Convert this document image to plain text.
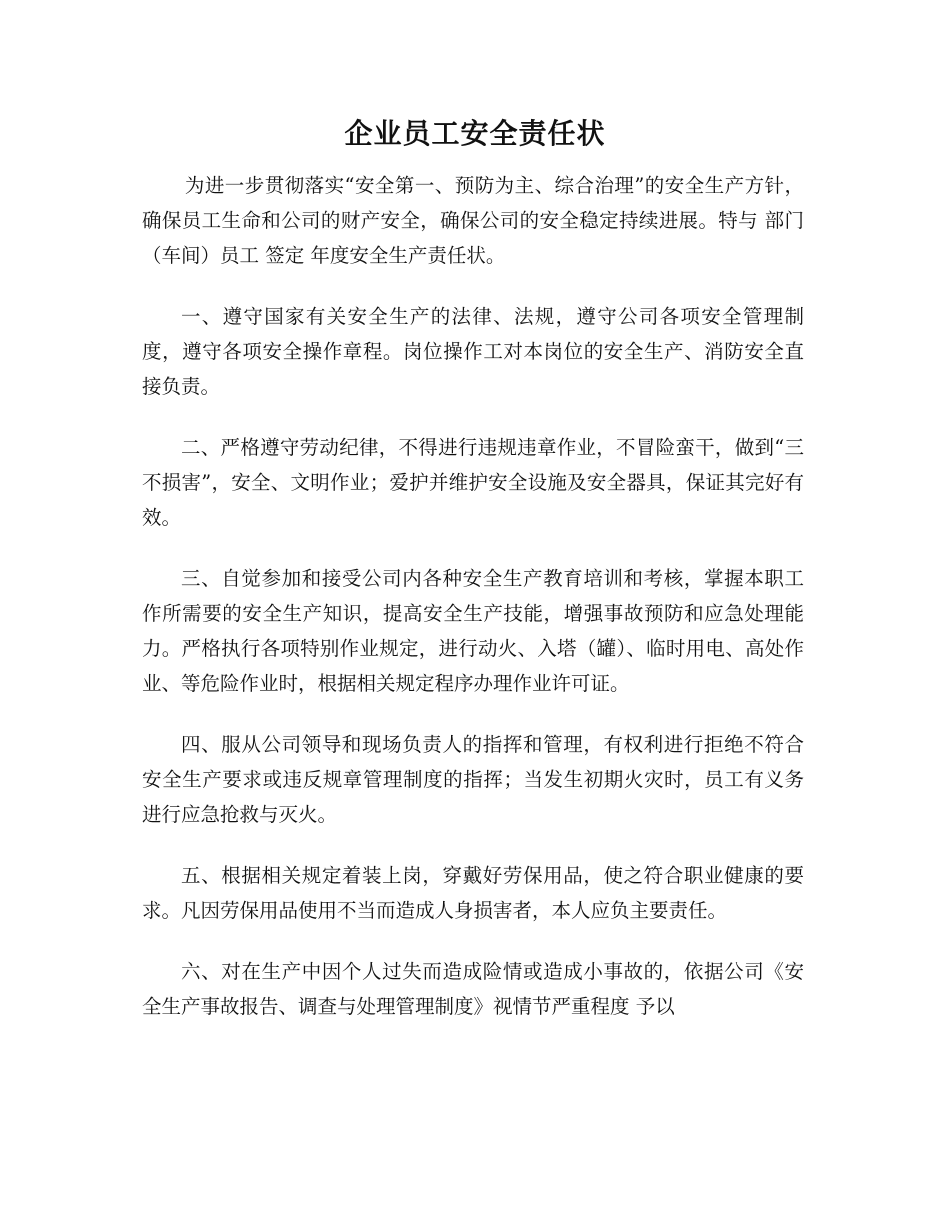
企业员工安全责任状

为进一步贯彻落实“安全第一、预防为主、综合治理”的安全生产方针，确保员工生命和公司的财产安全，确保公司的安全稳定持续进展。特与 部门（车间）员工 签定 年度安全生产责任状。

一、遵守国家有关安全生产的法律、法规，遵守公司各项安全管理制度，遵守各项安全操作章程。岗位操作工对本岗位的安全生产、消防安全直接负责。

二、严格遵守劳动纪律，不得进行违规违章作业，不冒险蛮干，做到“三不损害”，安全、文明作业；爱护并维护安全设施及安全器具，保证其完好有效。

三、自觉参加和接受公司内各种安全生产教育培训和考核，掌握本职工作所需要的安全生产知识，提高安全生产技能，增强事故预防和应急处理能力。严格执行各项特别作业规定，进行动火、入塔（罐）、临时用电、高处作业、等危险作业时，根据相关规定程序办理作业许可证。

四、服从公司领导和现场负责人的指挥和管理，有权利进行拒绝不符合安全生产要求或违反规章管理制度的指挥；当发生初期火灾时，员工有义务进行应急抢救与灭火。

五、根据相关规定着装上岗，穿戴好劳保用品，使之符合职业健康的要求。凡因劳保用品使用不当而造成人身损害者，本人应负主要责任。

六、对在生产中因个人过失而造成险情或造成小事故的，依据公司《安全生产事故报告、调查与处理管理制度》视情节严重程度 予以
